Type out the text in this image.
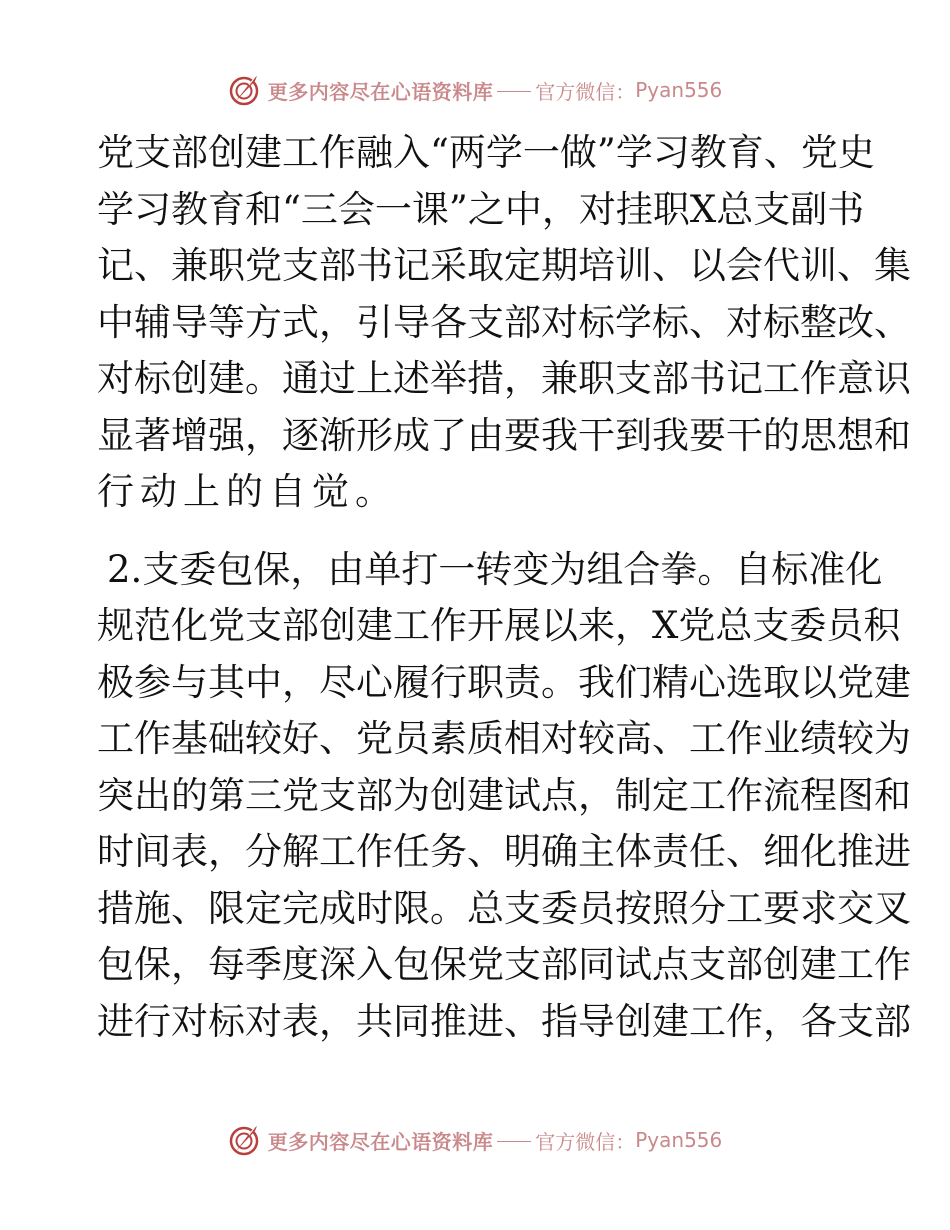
更多内容尽在心语资料库 官方微信： Pyan556
党 支 部 创 建 工 作 融 入 “ 两 学 一 做 ” 学 习 教 育 、 党 史
学 习 教 育 和 “ 三 会 一 课 ” 之 中 ， 对 挂 职 X 总 支 副 书
记 、 兼 职 党 支 部 书 记 采 取 定 期 培 训 、 以 会 代 训 、 集
中 辅 导 等 方 式 ， 引 导 各 支 部 对 标 学 标 、 对 标 整 改 、
对 标 创 建 。 通 过 上 述 举 措 ， 兼 职 支 部 书 记 工 作 意 识
显 著 增 强 ， 逐 渐 形 成 了 由 要 我 干 到 我 要 干 的 思 想 和
行动上的自觉。
2 . 支 委 包 保 ， 由 单 打 一 转 变 为 组 合 拳 。 自 标 准 化
规 范 化 党 支 部 创 建 工 作 开 展 以 来 ， X 党 总 支 委 员 积
极 参 与 其 中 ， 尽 心 履 行 职 责 。 我 们 精 心 选 取 以 党 建
工 作 基 础 较 好 、 党 员 素 质 相 对 较 高 、 工 作 业 绩 较 为
突 出 的 第 三 党 支 部 为 创 建 试 点 ， 制 定 工 作 流 程 图 和
时 间 表 ， 分 解 工 作 任 务 、 明 确 主 体 责 任 、 细 化 推 进
措 施 、 限 定 完 成 时 限 。 总 支 委 员 按 照 分 工 要 求 交 叉
包 保 ， 每 季 度 深 入 包 保 党 支 部 同 试 点 支 部 创 建 工 作
进 行 对 标 对 表 ， 共 同 推 进 、 指 导 创 建 工 作 ， 各 支 部
更多内容尽在心语资料库 官方微信： Pyan556
